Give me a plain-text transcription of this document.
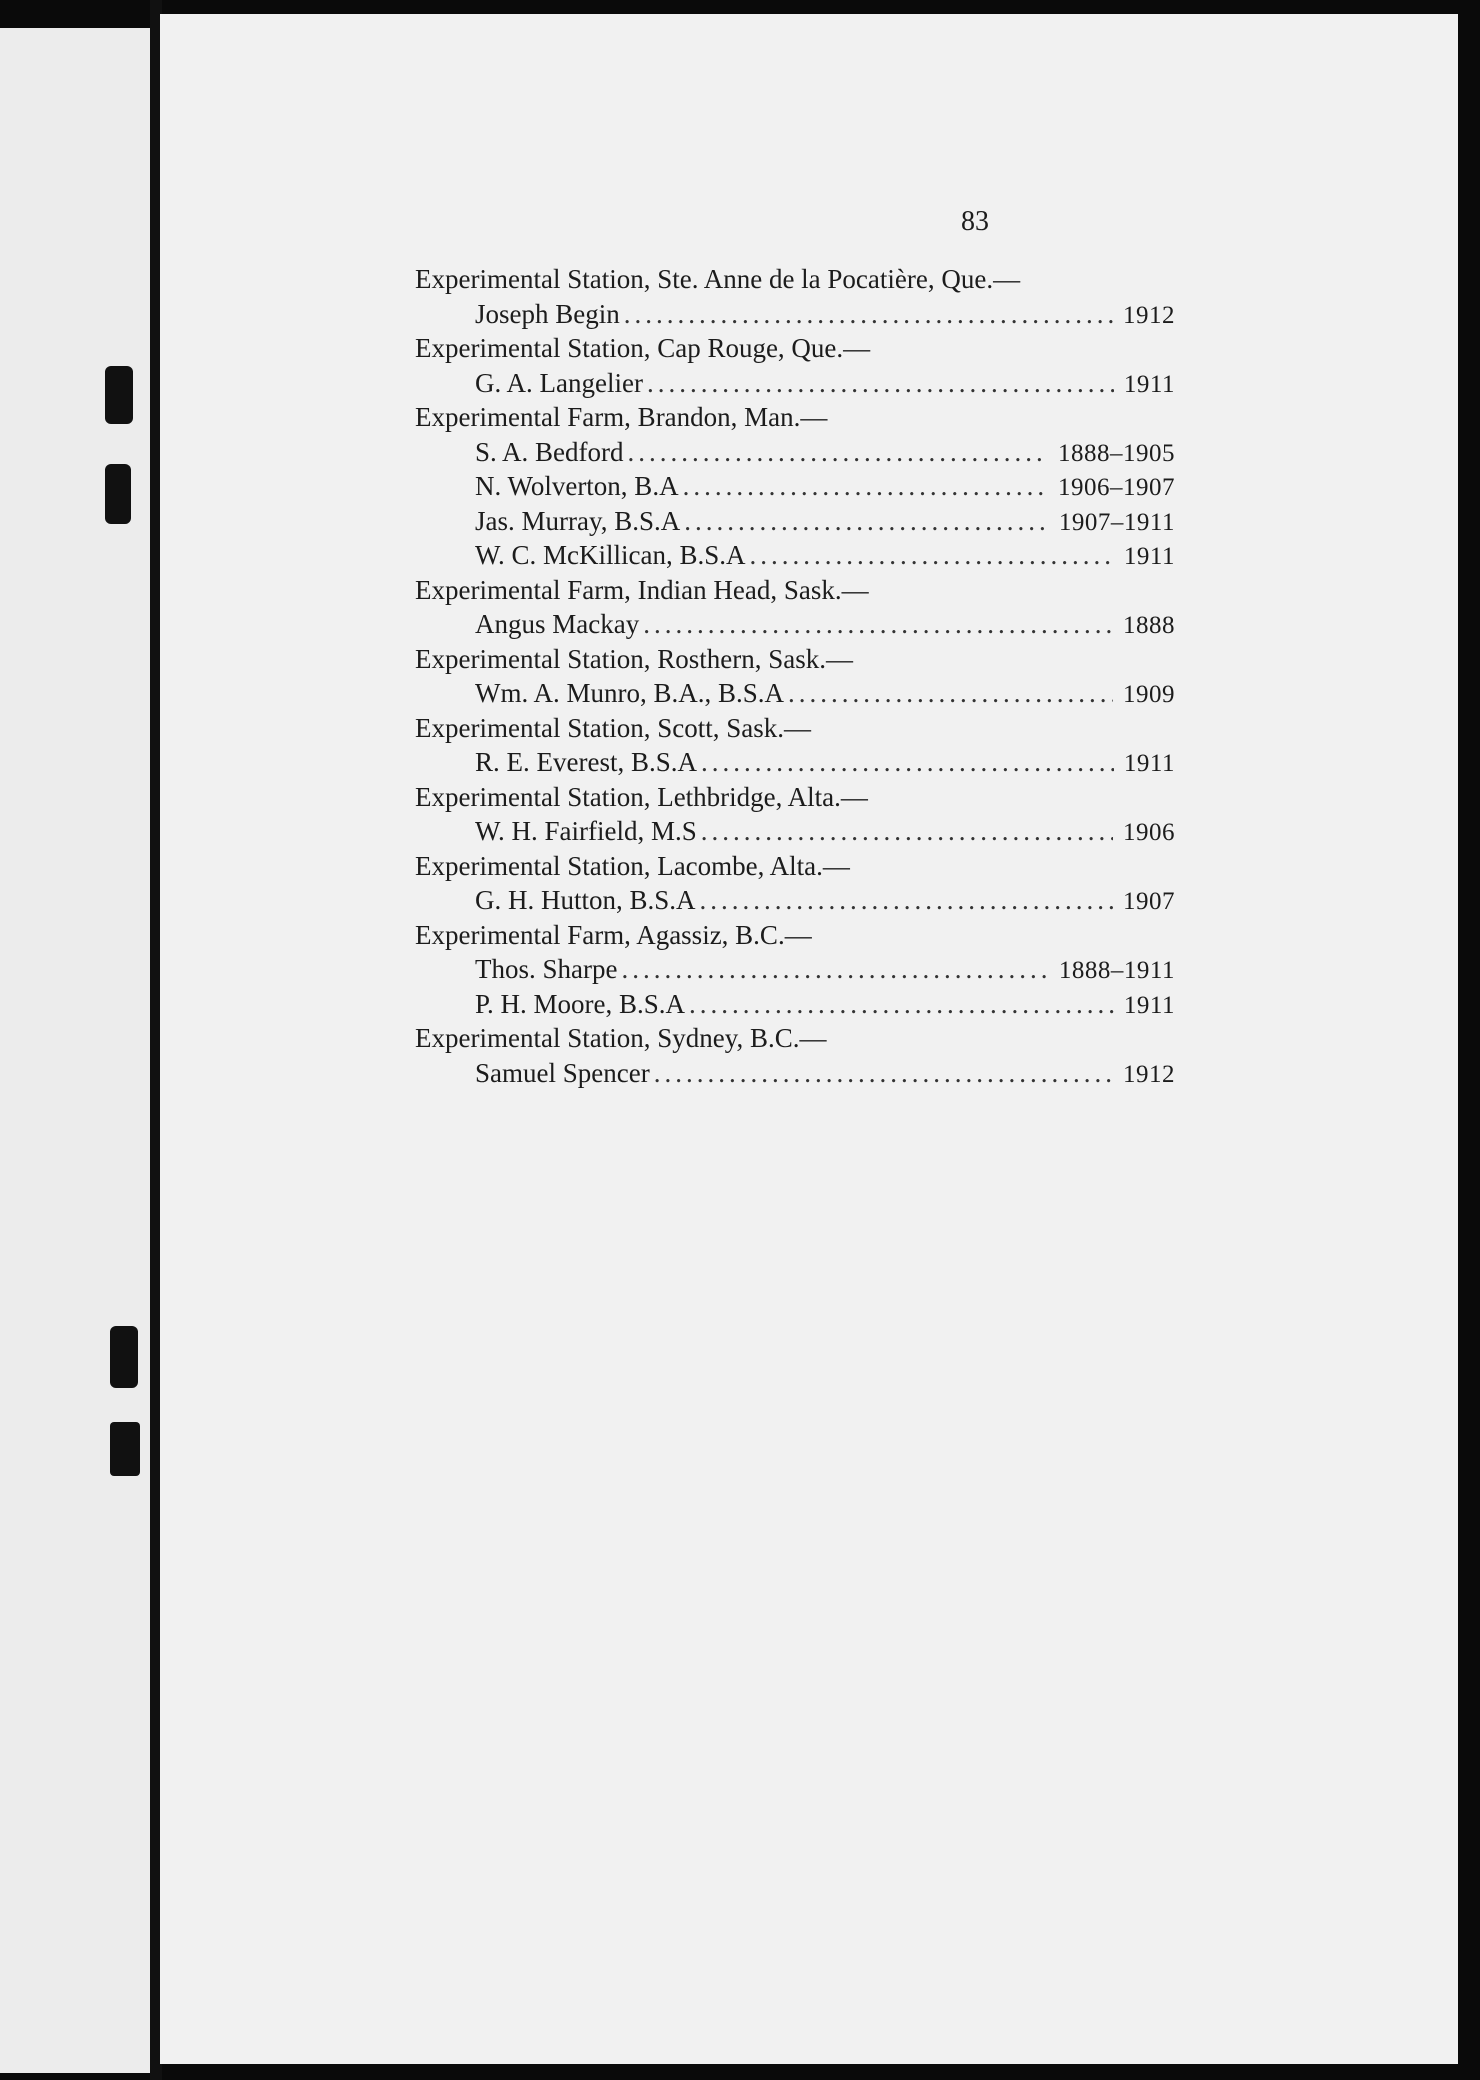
83
Experimental Station, Ste. Anne de la Pocatière, Que.—
Joseph Begin .....	1912
Experimental Station, Cap Rouge, Que.—
G. A. Langelier .....	1911
Experimental Farm, Brandon, Man.—
S. A. Bedford .....	1888–1905
N. Wolverton, B.A .....	1906–1907
Jas. Murray, B.S.A .....	1907–1911
W. C. McKillican, B.S.A .....	1911
Experimental Farm, Indian Head, Sask.—
Angus Mackay .....	1888
Experimental Station, Rosthern, Sask.—
Wm. A. Munro, B.A., B.S.A .....	1909
Experimental Station, Scott, Sask.—
R. E. Everest, B.S.A .....	1911
Experimental Station, Lethbridge, Alta.—
W. H. Fairfield, M.S .....	1906
Experimental Station, Lacombe, Alta.—
G. H. Hutton, B.S.A .....	1907
Experimental Farm, Agassiz, B.C.—
Thos. Sharpe .....	1888–1911
P. H. Moore, B.S.A .....	1911
Experimental Station, Sydney, B.C.—
Samuel Spencer .....	1912
